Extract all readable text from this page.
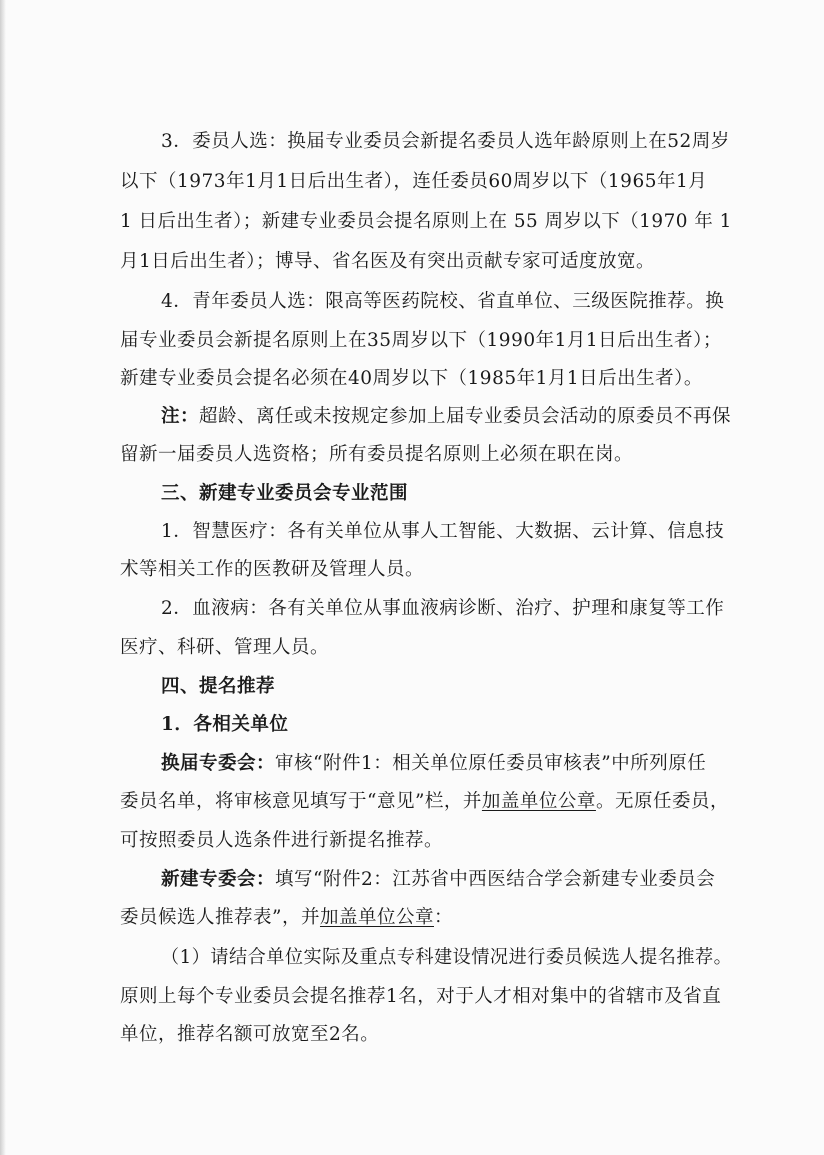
3．委员人选：换届专业委员会新提名委员人选年龄原则上在52周岁
以下（1973年1月1日后出生者），连任委员60周岁以下（1965年1月
1 日后出生者）；新建专业委员会提名原则上在 55 周岁以下（1970 年 1
月1日后出生者）；博导、省名医及有突出贡献专家可适度放宽。
4．青年委员人选：限高等医药院校、省直单位、三级医院推荐。换
届专业委员会新提名原则上在35周岁以下（1990年1月1日后出生者）；
新建专业委员会提名必须在40周岁以下（1985年1月1日后出生者）。
注：超龄、离任或未按规定参加上届专业委员会活动的原委员不再保
留新一届委员人选资格；所有委员提名原则上必须在职在岗。
三、新建专业委员会专业范围
1．智慧医疗：各有关单位从事人工智能、大数据、云计算、信息技
术等相关工作的医教研及管理人员。
2．血液病：各有关单位从事血液病诊断、治疗、护理和康复等工作
医疗、科研、管理人员。
四、提名推荐
1．各相关单位
换届专委会：审核“附件1：相关单位原任委员审核表”中所列原任
委员名单，将审核意见填写于“意见”栏，并加盖单位公章。无原任委员，
可按照委员人选条件进行新提名推荐。
新建专委会：填写“附件2：江苏省中西医结合学会新建专业委员会
委员候选人推荐表”，并加盖单位公章：
（1）请结合单位实际及重点专科建设情况进行委员候选人提名推荐。
原则上每个专业委员会提名推荐1名，对于人才相对集中的省辖市及省直
单位，推荐名额可放宽至2名。
